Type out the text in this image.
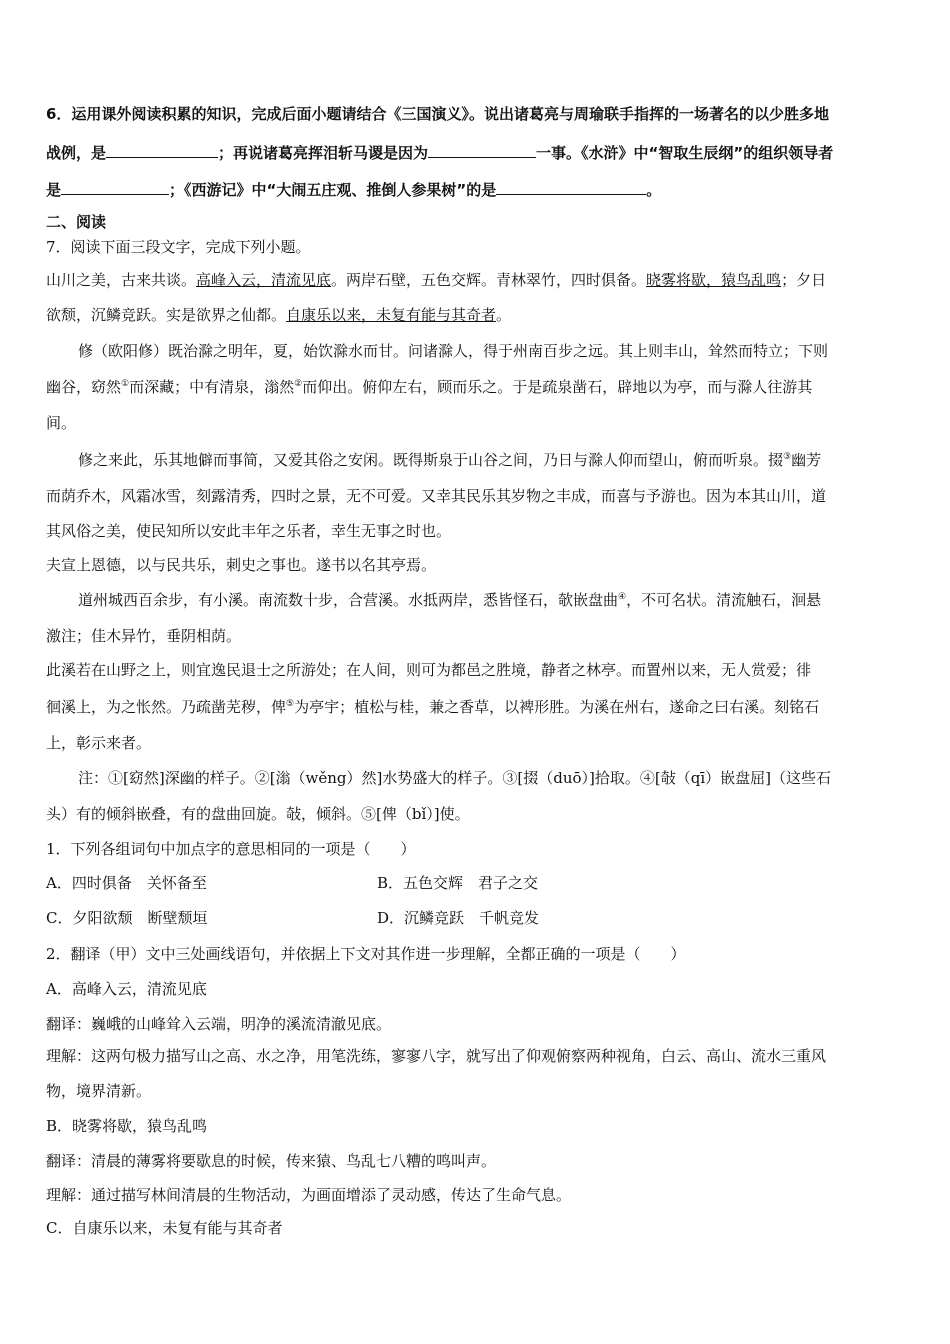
6．运用课外阅读积累的知识，完成后面小题请结合《三国演义》。说出诸葛亮与周瑜联手指挥的一场著名的以少胜多地
战例，是	；再说诸葛亮挥泪斩马谡是因为	一事。《水浒》中“智取生辰纲”的组织领导者
是	；《西游记》中“大闹五庄观、推倒人参果树”的是	。
二、阅读
7．阅读下面三段文字，完成下列小题。
山川之美，古来共谈。高峰入云，清流见底。两岸石壁，五色交辉。青林翠竹，四时俱备。晓雾将歇，猿鸟乱鸣；夕日
欲颓，沉鳞竞跃。实是欲界之仙都。自康乐以来，未复有能与其奇者。
修（欧阳修）既治滁之明年，夏，始饮滁水而甘。问诸滁人，得于州南百步之远。其上则丰山，耸然而特立；下则
幽谷，窈然①而深藏；中有清泉，滃然②而仰出。俯仰左右，顾而乐之。于是疏泉凿石，辟地以为亭，而与滁人往游其
间。
修之来此，乐其地僻而事简，又爱其俗之安闲。既得斯泉于山谷之间，乃日与滁人仰而望山，俯而听泉。掇③幽芳
而荫乔木，风霜冰雪，刻露清秀，四时之景，无不可爱。又幸其民乐其岁物之丰成，而喜与予游也。因为本其山川，道
其风俗之美，使民知所以安此丰年之乐者，幸生无事之时也。
夫宣上恩德，以与民共乐，刺史之事也。遂书以名其亭焉。
道州城西百余步，有小溪。南流数十步，合营溪。水抵两岸，悉皆怪石，欹嵌盘曲④，不可名状。清流触石，洄悬
激注；佳木异竹，垂阴相荫。
此溪若在山野之上，则宜逸民退士之所游处；在人间，则可为都邑之胜境，静者之林亭。而置州以来，无人赏爱；徘
徊溪上，为之怅然。乃疏凿芜秽，俾⑤为亭宇；植松与桂，兼之香草，以裨形胜。为溪在州右，遂命之曰右溪。刻铭石
上，彰示来者。
注：①[窈然]深幽的样子。②[滃（wěng）然]水势盛大的样子。③[掇（duō）]拾取。④[敧（qī）嵌盘屈]（这些石
头）有的倾斜嵌叠，有的盘曲回旋。敧，倾斜。⑤[俾（bǐ）]使。
1．下列各组词句中加点字的意思相同的一项是（　　）
A．四时俱备　关怀备至	B．五色交辉　君子之交
C．夕阳欲颓　断壁颓垣	D．沉鳞竞跃　千帆竞发
2．翻译（甲）文中三处画线语句，并依据上下文对其作进一步理解，全都正确的一项是（　　）
A．高峰入云，清流见底
翻译：巍峨的山峰耸入云端，明净的溪流清澈见底。
理解：这两句极力描写山之高、水之净，用笔洗练，寥寥八字，就写出了仰观俯察两种视角，白云、高山、流水三重风
物，境界清新。
B．晓雾将歇，猿鸟乱鸣
翻译：清晨的薄雾将要歇息的时候，传来猿、鸟乱七八糟的鸣叫声。
理解：通过描写林间清晨的生物活动，为画面增添了灵动感，传达了生命气息。
C．自康乐以来，未复有能与其奇者
